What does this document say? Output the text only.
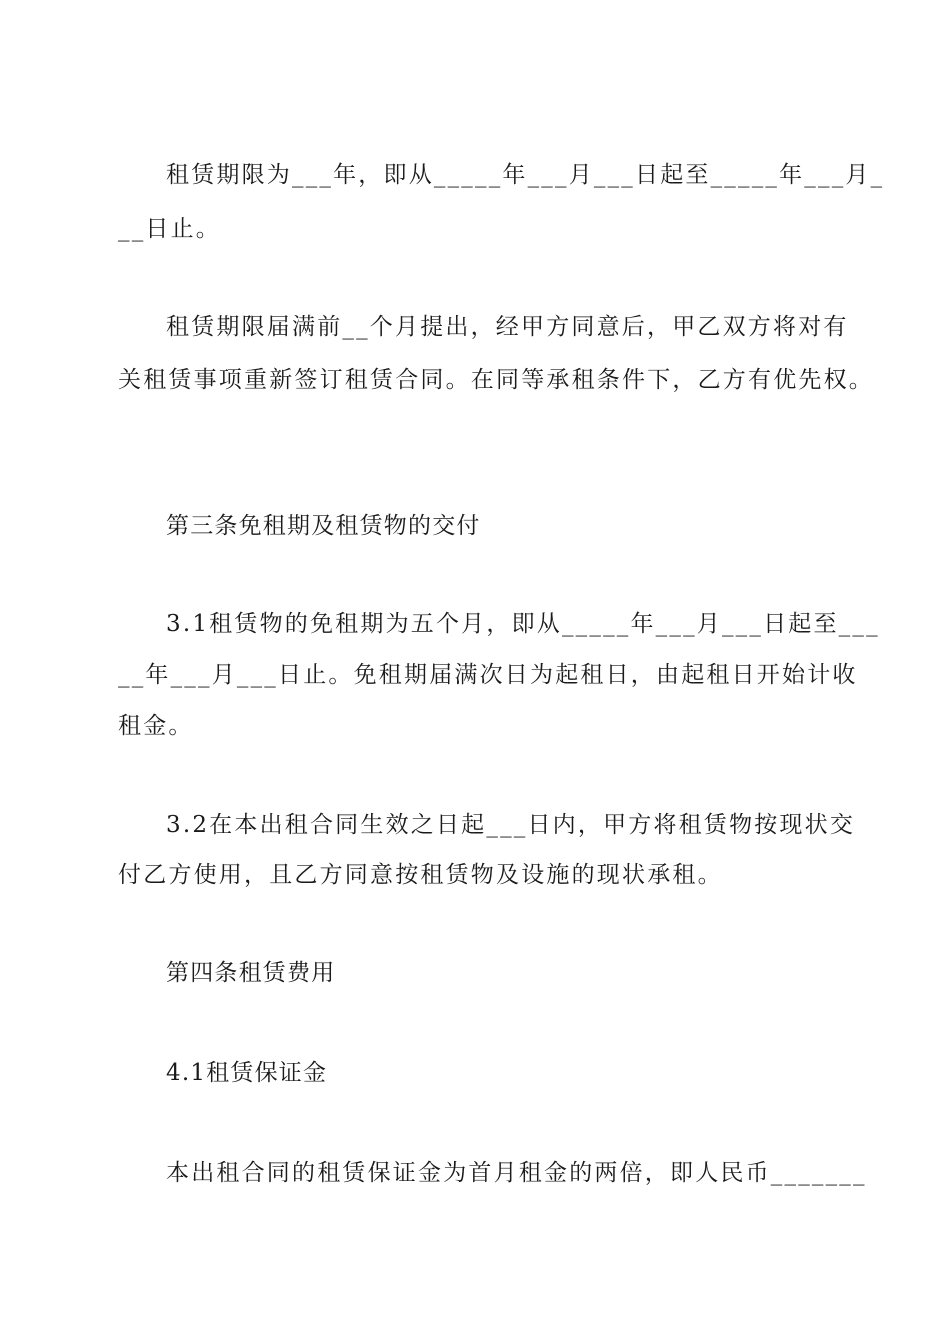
租赁期限为___年，即从_____年___月___日起至_____年___月_
__日止。
租赁期限届满前__个月提出，经甲方同意后，甲乙双方将对有
关租赁事项重新签订租赁合同。在同等承租条件下，乙方有优先权。
第三条免租期及租赁物的交付
3.1租赁物的免租期为五个月，即从_____年___月___日起至___
__年___月___日止。免租期届满次日为起租日，由起租日开始计收
租金。
3.2在本出租合同生效之日起___日内，甲方将租赁物按现状交
付乙方使用，且乙方同意按租赁物及设施的现状承租。
第四条租赁费用
4.1租赁保证金
本出租合同的租赁保证金为首月租金的两倍，即人民币_______
